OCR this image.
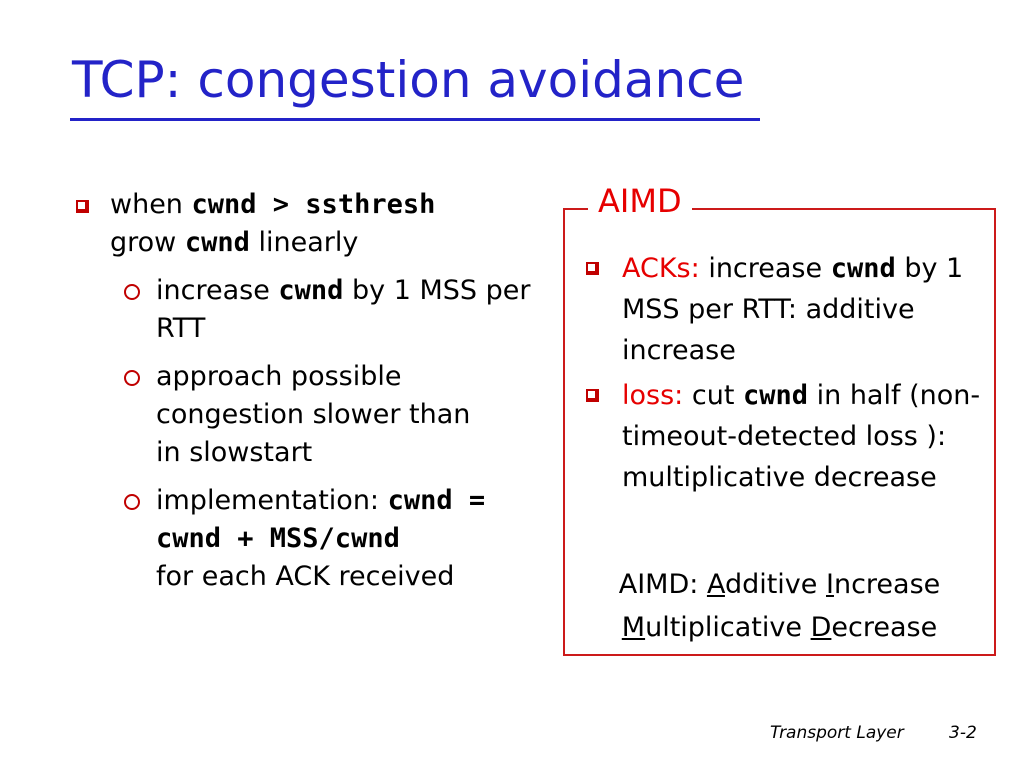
TCP: congestion avoidance
when cwnd > ssthresh
grow cwnd linearly
increase cwnd by 1 MSS per RTT
approach possible congestion slower than in slowstart
implementation: cwnd = cwnd + MSS/cwnd
for each ACK received
AIMD
ACKs: increase cwnd by 1 MSS per RTT: additive increase
loss: cut cwnd in half (non-timeout-detected loss ): multiplicative decrease
AIMD: Additive Increase
Multiplicative Decrease
Transport Layer	3-2
